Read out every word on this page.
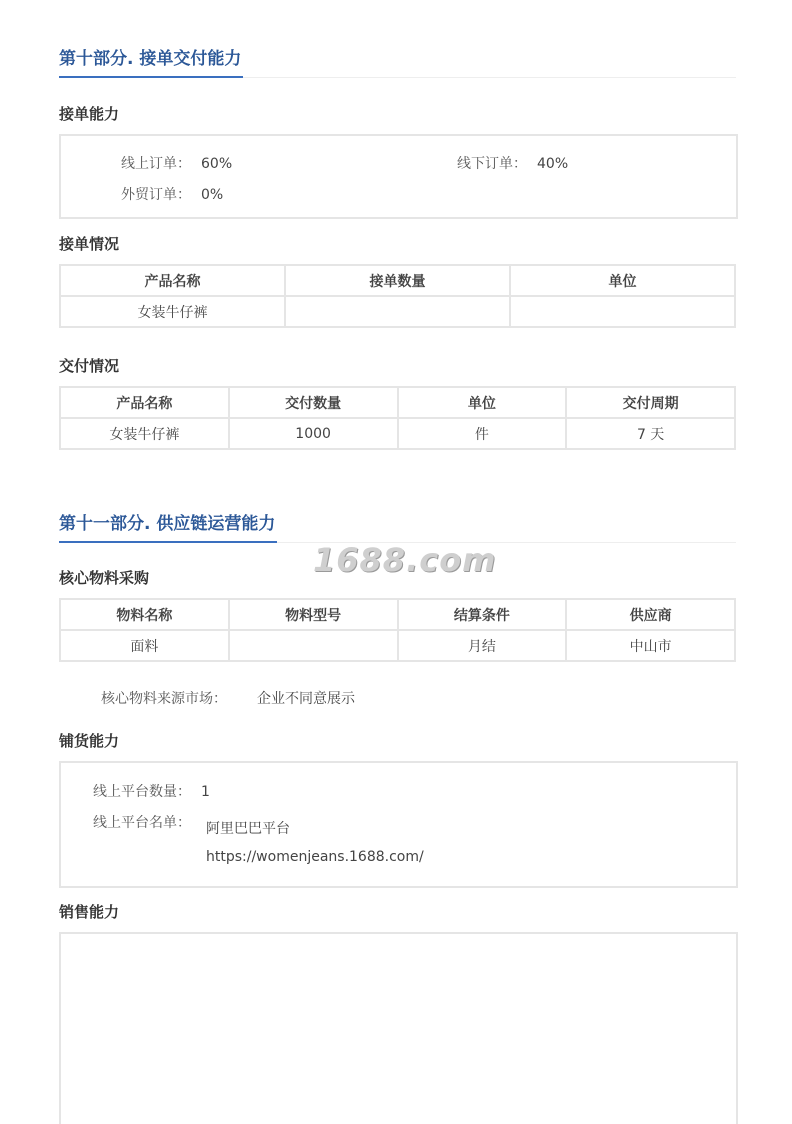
第十部分. 接单交付能力
接单能力
线上订单： 60%	线下订单： 40%
外贸订单： 0%
接单情况
产品名称	接单数量	单位
女装牛仔裤		
交付情况
产品名称	交付数量	单位	交付周期
女装牛仔裤	1000	件	7 天
第十一部分. 供应链运营能力
核心物料采购
物料名称	物料型号	结算条件	供应商
面料		月结	中山市
核心物料来源市场： 企业不同意展示
铺货能力
线上平台数量： 1
线上平台名单： 阿里巴巴平台
https://womenjeans.1688.com/
销售能力
1688.com
